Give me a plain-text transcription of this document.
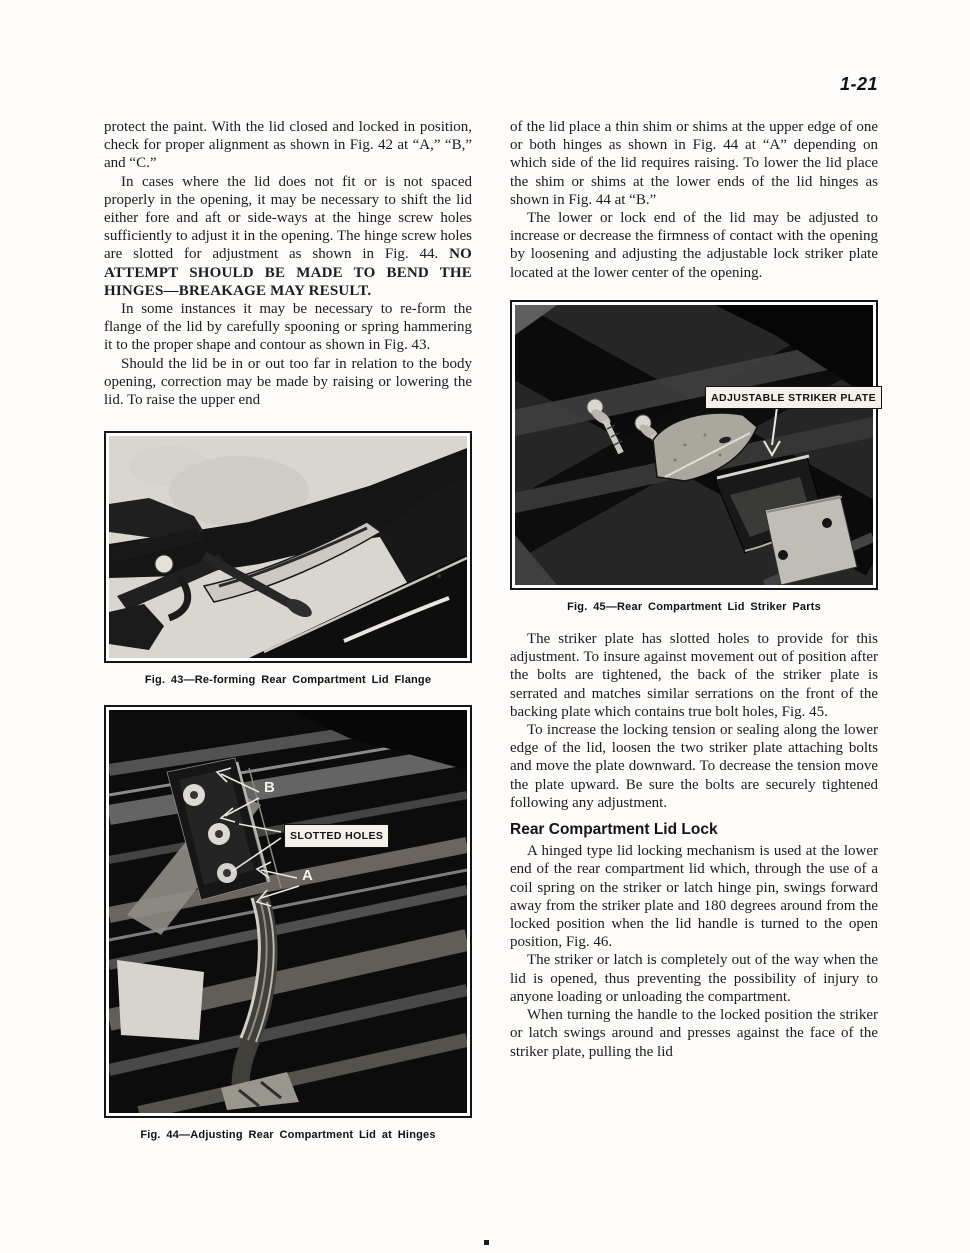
1-21

protect the paint. With the lid closed and locked in position, check for proper alignment as shown in Fig. 42 at “A,” “B,” and “C.”

In cases where the lid does not fit or is not spaced properly in the opening, it may be necessary to shift the lid either fore and aft or side-ways at the hinge screw holes sufficiently to adjust it in the opening. The hinge screw holes are slotted for adjustment as shown in Fig. 44. NO ATTEMPT SHOULD BE MADE TO BEND THE HINGES—BREAKAGE MAY RESULT.

In some instances it may be necessary to re-form the flange of the lid by carefully spooning or spring hammering it to the proper shape and contour as shown in Fig. 43.

Should the lid be in or out too far in relation to the body opening, correction may be made by raising or lowering the lid. To raise the upper end

Fig. 43—Re-forming Rear Compartment Lid Flange
B
SLOTTED HOLES
A
Fig. 44—Adjusting Rear Compartment Lid at Hinges

of the lid place a thin shim or shims at the upper edge of one or both hinges as shown in Fig. 44 at “A” depending on which side of the lid requires raising. To lower the lid place the shim or shims at the lower ends of the lid hinges as shown in Fig. 44 at “B.”

The lower or lock end of the lid may be adjusted to increase or decrease the firmness of contact with the opening by loosening and adjusting the adjustable lock striker plate located at the lower center of the opening.

ADJUSTABLE STRIKER PLATE
Fig. 45—Rear Compartment Lid Striker Parts

The striker plate has slotted holes to provide for this adjustment. To insure against movement out of position after the bolts are tightened, the back of the striker plate is serrated and matches similar serrations on the front of the backing plate which contains true bolt holes, Fig. 45.

To increase the locking tension or sealing along the lower edge of the lid, loosen the two striker plate attaching bolts and move the plate downward. To decrease the tension move the plate upward. Be sure the bolts are securely tightened following any adjustment.

Rear Compartment Lid Lock

A hinged type lid locking mechanism is used at the lower end of the rear compartment lid which, through the use of a coil spring on the striker or latch hinge pin, swings forward away from the striker plate and 180 degrees around from the locked position when the lid handle is turned to the open position, Fig. 46.

The striker or latch is completely out of the way when the lid is opened, thus preventing the possibility of injury to anyone loading or unloading the compartment.

When turning the handle to the locked position the striker or latch swings around and presses against the face of the striker plate, pulling the lid
